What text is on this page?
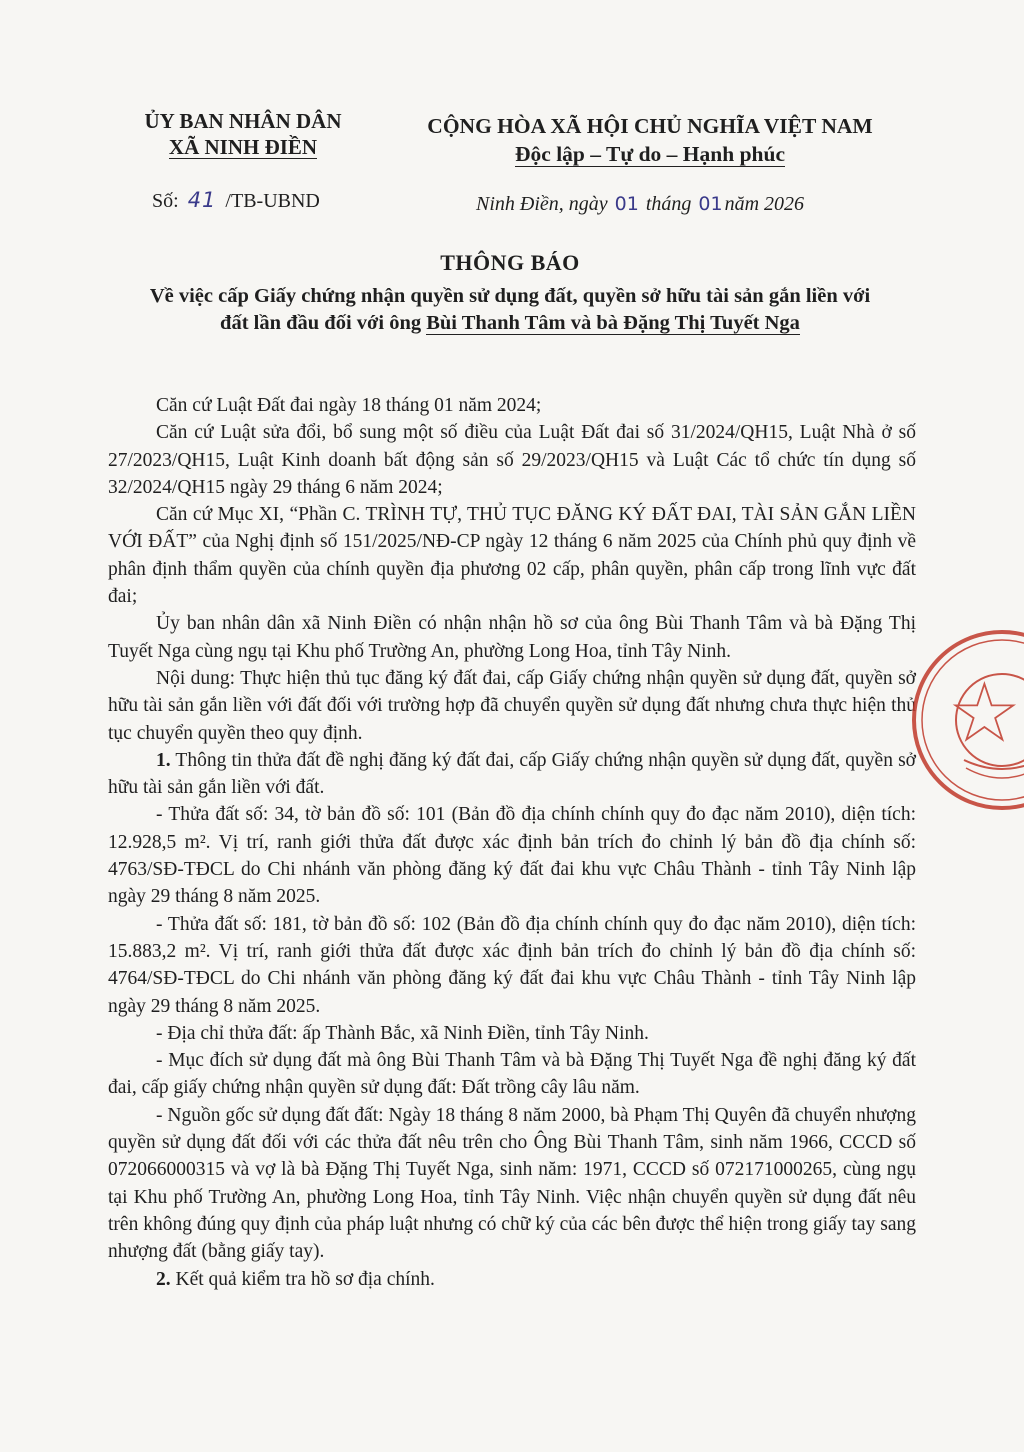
ỦY BAN NHÂN DÂN
XÃ NINH ĐIỀN
CỘNG HÒA XÃ HỘI CHỦ NGHĨA VIỆT NAM
Độc lập – Tự do – Hạnh phúc
Số: 41 /TB-UBND	Ninh Điền, ngày 01 tháng 01 năm 2026
THÔNG BÁO
Về việc cấp Giấy chứng nhận quyền sử dụng đất, quyền sở hữu tài sản gắn liền với
đất lần đầu đối với ông Bùi Thanh Tâm và bà Đặng Thị Tuyết Nga

Căn cứ Luật Đất đai ngày 18 tháng 01 năm 2024;

Căn cứ Luật sửa đổi, bổ sung một số điều của Luật Đất đai số 31/2024/QH15, Luật Nhà ở số 27/2023/QH15, Luật Kinh doanh bất động sản số 29/2023/QH15 và Luật Các tổ chức tín dụng số 32/2024/QH15 ngày 29 tháng 6 năm 2024;

Căn cứ Mục XI, “Phần C. TRÌNH TỰ, THỦ TỤC ĐĂNG KÝ ĐẤT ĐAI, TÀI SẢN GẮN LIỀN VỚI ĐẤT” của Nghị định số 151/2025/NĐ-CP ngày 12 tháng 6 năm 2025 của Chính phủ quy định về phân định thẩm quyền của chính quyền địa phương 02 cấp, phân quyền, phân cấp trong lĩnh vực đất đai;

Ủy ban nhân dân xã Ninh Điền có nhận nhận hồ sơ của ông Bùi Thanh Tâm và bà Đặng Thị Tuyết Nga cùng ngụ tại Khu phố Trường An, phường Long Hoa, tỉnh Tây Ninh.

Nội dung: Thực hiện thủ tục đăng ký đất đai, cấp Giấy chứng nhận quyền sử dụng đất, quyền sở hữu tài sản gắn liền với đất đối với trường hợp đã chuyển quyền sử dụng đất nhưng chưa thực hiện thủ tục chuyển quyền theo quy định.

1. Thông tin thửa đất đề nghị đăng ký đất đai, cấp Giấy chứng nhận quyền sử dụng đất, quyền sở hữu tài sản gắn liền với đất.

- Thửa đất số: 34, tờ bản đồ số: 101 (Bản đồ địa chính chính quy đo đạc năm 2010), diện tích: 12.928,5 m². Vị trí, ranh giới thửa đất được xác định bản trích đo chỉnh lý bản đồ địa chính số: 4763/SĐ-TĐCL do Chi nhánh văn phòng đăng ký đất đai khu vực Châu Thành - tỉnh Tây Ninh lập ngày 29 tháng 8 năm 2025.

- Thửa đất số: 181, tờ bản đồ số: 102 (Bản đồ địa chính chính quy đo đạc năm 2010), diện tích: 15.883,2 m². Vị trí, ranh giới thửa đất được xác định bản trích đo chỉnh lý bản đồ địa chính số: 4764/SĐ-TĐCL do Chi nhánh văn phòng đăng ký đất đai khu vực Châu Thành - tỉnh Tây Ninh lập ngày 29 tháng 8 năm 2025.

- Địa chỉ thửa đất: ấp Thành Bắc, xã Ninh Điền, tỉnh Tây Ninh.

- Mục đích sử dụng đất mà ông Bùi Thanh Tâm và bà Đặng Thị Tuyết Nga đề nghị đăng ký đất đai, cấp giấy chứng nhận quyền sử dụng đất: Đất trồng cây lâu năm.

- Nguồn gốc sử dụng đất đất: Ngày 18 tháng 8 năm 2000, bà Phạm Thị Quyên đã chuyển nhượng quyền sử dụng đất đối với các thửa đất nêu trên cho Ông Bùi Thanh Tâm, sinh năm 1966, CCCD số 072066000315 và vợ là bà Đặng Thị Tuyết Nga, sinh năm: 1971, CCCD số 072171000265, cùng ngụ tại Khu phố Trường An, phường Long Hoa, tỉnh Tây Ninh. Việc nhận chuyển quyền sử dụng đất nêu trên không đúng quy định của pháp luật nhưng có chữ ký của các bên được thể hiện trong giấy tay sang nhượng đất (bằng giấy tay).

2. Kết quả kiểm tra hồ sơ địa chính.
